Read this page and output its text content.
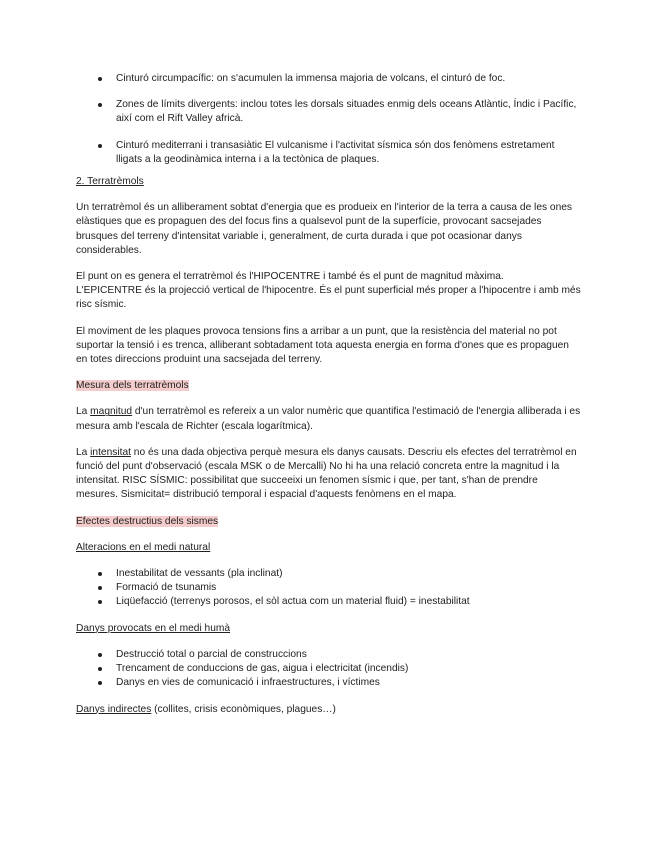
Cinturó circumpacífic: on s'acumulen la immensa majoria de volcans, el cinturó de foc.
Zones de límits divergents: inclou totes les dorsals situades enmig dels oceans Atlàntic, Índic i Pacífic, així com el Rift Valley africà.
Cinturó mediterrani i transasiàtic El vulcanisme i l'activitat sísmica són dos fenòmens estretament lligats a la geodinàmica interna i a la tectònica de plaques.

2. Terratrèmols

Un terratrèmol és un alliberament sobtat d'energia que es produeix en l'interior de la terra a causa de les ones elàstiques que es propaguen des del focus fins a qualsevol punt de la superfície, provocant sacsejades brusques del terreny d'intensitat variable i, generalment, de curta durada i que pot ocasionar danys considerables.

El punt on es genera el terratrèmol és l'HIPOCENTRE i també és el punt de magnitud màxima.
L'EPICENTRE és la projecció vertical de l'hipocentre. És el punt superficial més proper a l'hipocentre i amb més risc sísmic.

El moviment de les plaques provoca tensions fins a arribar a un punt, que la resistència del material no pot suportar la tensió i es trenca, alliberant sobtadament tota aquesta energia en forma d'ones que es propaguen en totes direccions produint una sacsejada del terreny.

Mesura dels terratrèmols

La magnitud d'un terratrèmol es refereix a un valor numèric que quantifica l'estimació de l'energia alliberada i es mesura amb l'escala de Richter (escala logarítmica).

La intensitat no és una dada objectiva perquè mesura els danys causats. Descriu els efectes del terratrèmol en funció del punt d'observació (escala MSK o de Mercalli) No hi ha una relació concreta entre la magnitud i la intensitat. RISC SÍSMIC: possibilitat que succeeixi un fenomen sísmic i que, per tant, s'han de prendre mesures. Sismicitat= distribució temporal i espacial d'aquests fenòmens en el mapa.

Efectes destructius dels sismes

Alteracions en el medi natural

Inestabilitat de vessants (pla inclinat)
Formació de tsunamis
Liqüefacció (terrenys porosos, el sòl actua com un material fluid) = inestabilitat

Danys provocats en el medi humà

Destrucció total o parcial de construccions
Trencament de conduccions de gas, aigua i electricitat (incendis)
Danys en vies de comunicació i infraestructures, i víctimes

Danys indirectes (collites, crisis econòmiques, plagues…)
